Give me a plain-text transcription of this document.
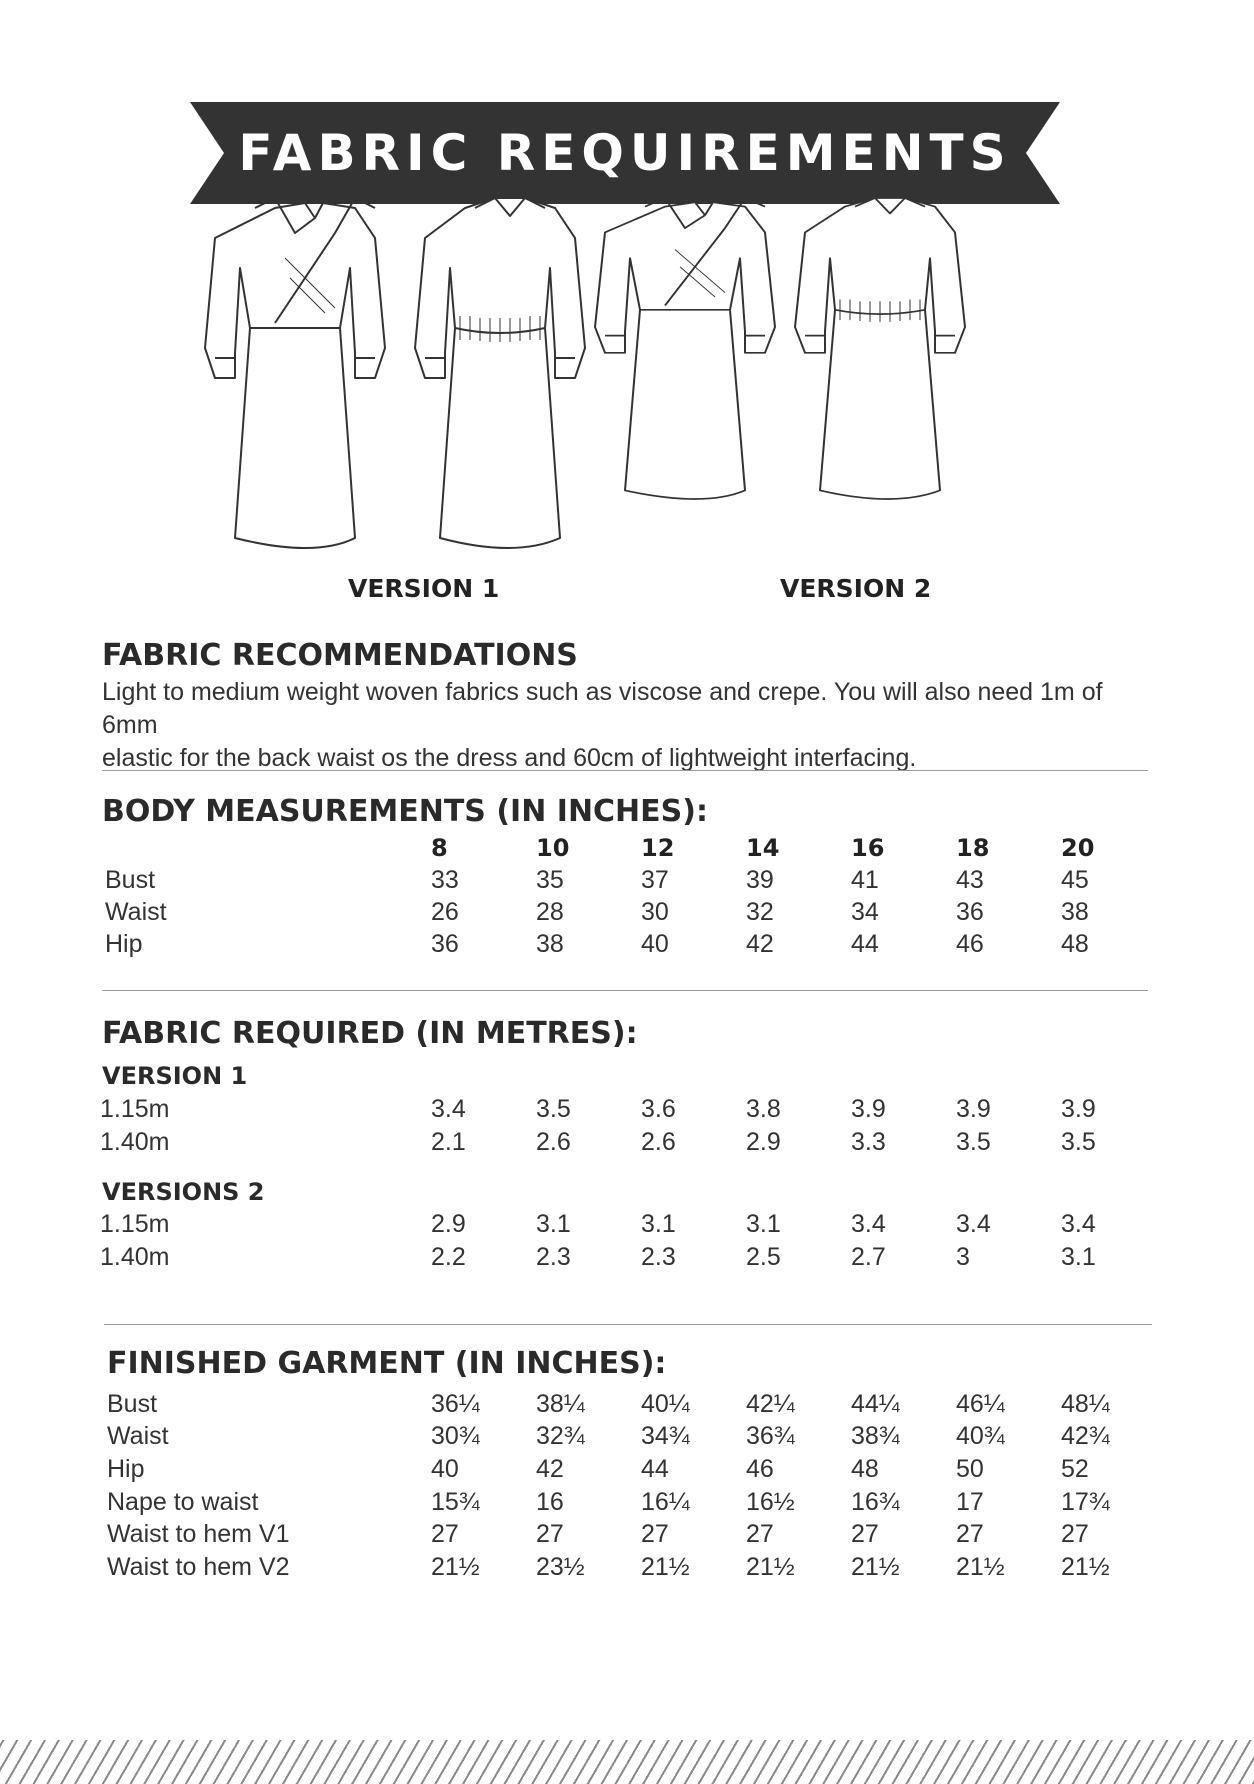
FABRIC REQUIREMENTS
VERSION 1	VERSION 2
FABRIC RECOMMENDATIONS
Light to medium weight woven fabrics such as viscose and crepe. You will also need 1m of 6mm
elastic for the back waist os the dress and 60cm of lightweight interfacing.
BODY MEASUREMENTS (IN INCHES):
8	10	12	14	16	18	20
Bust	33	35	37	39	41	43	45
Waist	26	28	30	32	34	36	38
Hip	36	38	40	42	44	46	48
FABRIC REQUIRED (IN METRES):
VERSION 1
1.15m	3.4	3.5	3.6	3.8	3.9	3.9	3.9
1.40m	2.1	2.6	2.6	2.9	3.3	3.5	3.5
VERSIONS 2
1.15m	2.9	3.1	3.1	3.1	3.4	3.4	3.4
1.40m	2.2	2.3	2.3	2.5	2.7	3	3.1
FINISHED GARMENT (IN INCHES):
Bust	36¼ 38¼ 40¼ 42¼ 44¼ 46¼ 48¼
Waist	30¾ 32¾ 34¾ 36¾ 38¾ 40¾ 42¾
Hip	40	42	44	46	48	50	52
Nape to waist	15¾ 16	16¼ 16½ 16¾ 17	17¾
Waist to hem V1	27	27	27	27	27	27	27
Waist to hem V2	21½ 23½ 21½ 21½ 21½ 21½ 21½
